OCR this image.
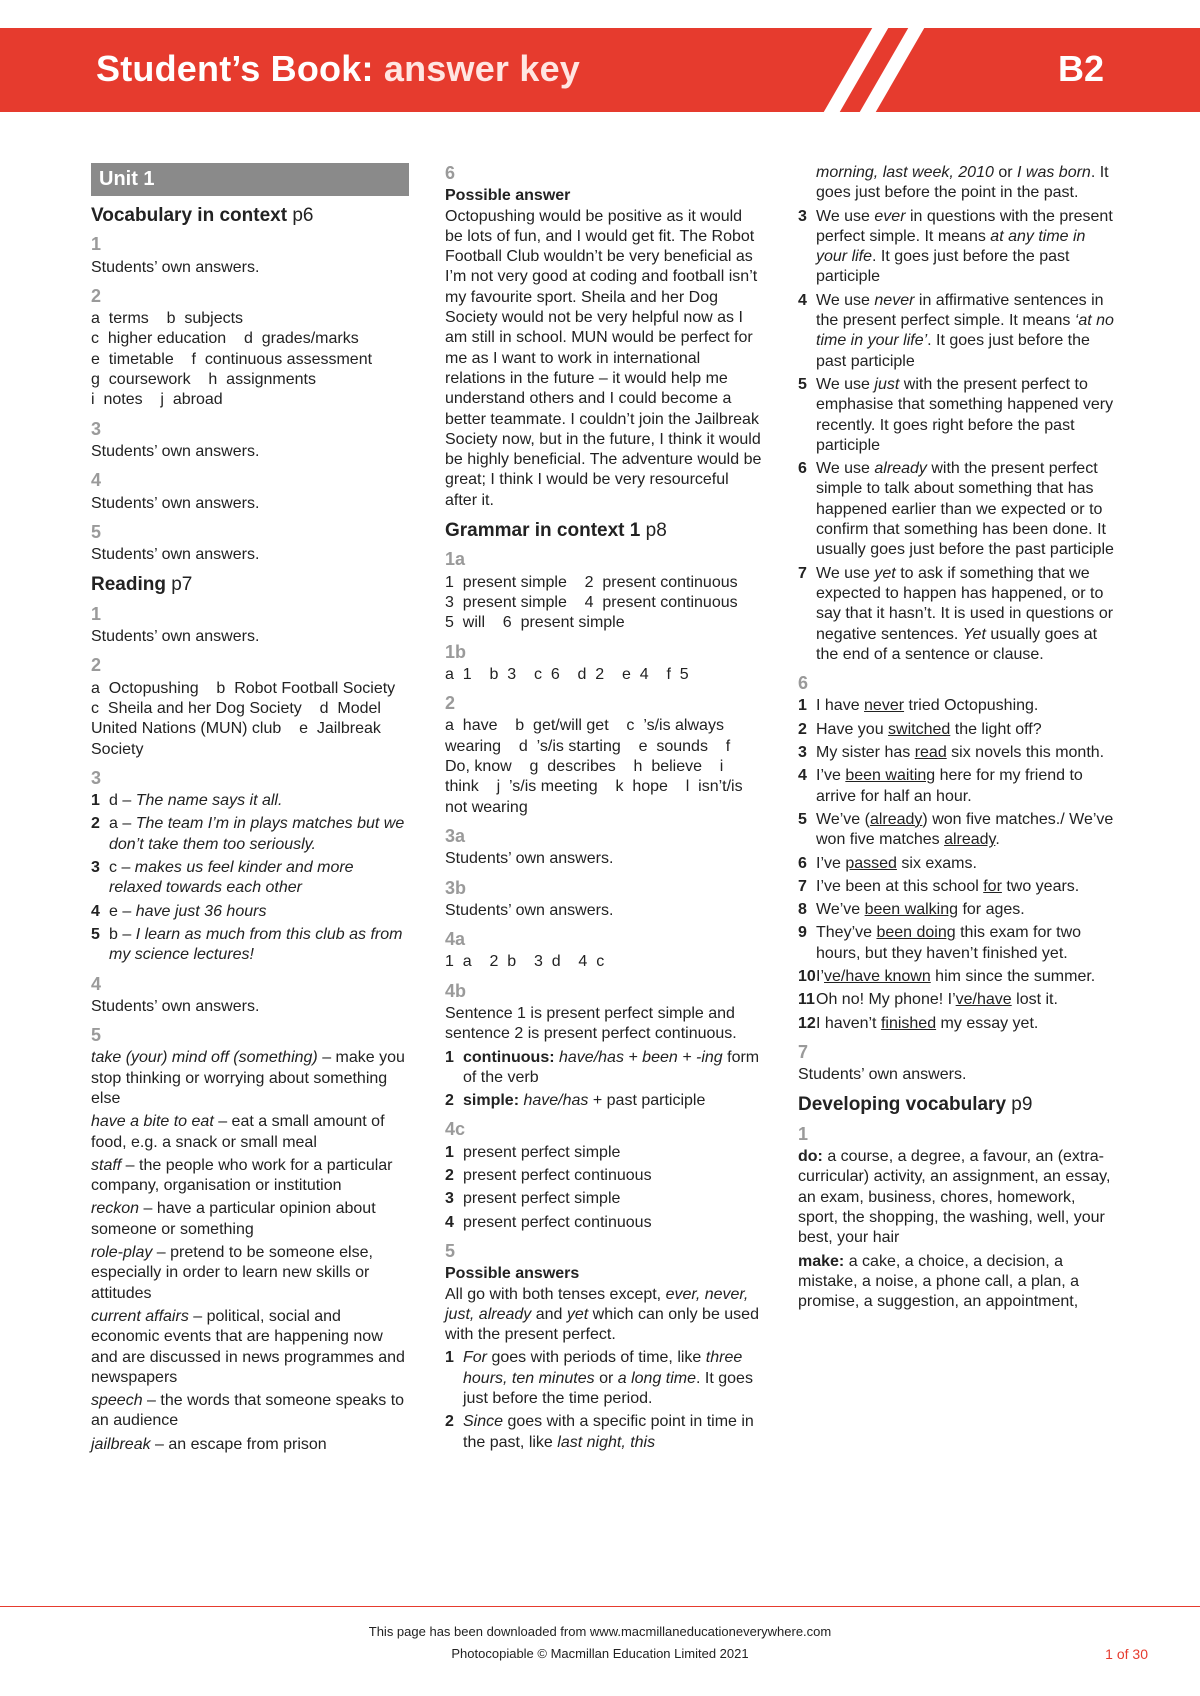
Student’s Book: answer key	B2
Unit 1
Vocabulary in context p6
1

Students’ own answers.

2

a  terms    b  subjects

c  higher education    d  grades/marks

e  timetable    f  continuous assessment

g  coursework    h  assignments

i  notes    j  abroad

3

Students’ own answers.

4

Students’ own answers.

5

Students’ own answers.

Reading p7
1

Students’ own answers.

2

a  Octopushing    b  Robot Football Society    c  Sheila and her Dog Society    d  Model United Nations (MUN) club    e  Jailbreak Society

3
1 d – The name says it all.
2 a – The team I’m in plays matches but we don’t take them too seriously.
3 c – makes us feel kinder and more relaxed towards each other
4 e – have just 36 hours
5 b – I learn as much from this club as from my science lectures!
4

Students’ own answers.

5

take (your) mind off (something) – make you stop thinking or worrying about something else

have a bite to eat – eat a small amount of food, e.g. a snack or small meal

staff – the people who work for a particular company, organisation or institution

reckon – have a particular opinion about someone or something

role-play – pretend to be someone else, especially in order to learn new skills or attitudes

current affairs – political, social and economic events that are happening now and are discussed in news programmes and newspapers

speech – the words that someone speaks to an audience

jailbreak – an escape from prison

6
Possible answer

Octopushing would be positive as it would be lots of fun, and I would get fit. The Robot Football Club wouldn’t be very beneficial as I’m not very good at coding and football isn’t my favourite sport. Sheila and her Dog Society would not be very helpful now as I am still in school. MUN would be perfect for me as I want to work in international relations in the future – it would help me understand others and I could become a better teammate. I couldn’t join the Jailbreak Society now, but in the future, I think it would be highly beneficial. The adventure would be great; I think I would be very resourceful after it.

Grammar in context 1 p8
1a

1  present simple    2  present continuous    3  present simple    4  present continuous    5  will    6  present simple

1b

a  1    b  3    c  6    d  2    e  4    f  5

2

a  have    b  get/will get    c  ’s/is always wearing    d  ’s/is starting    e  sounds    f  Do, know    g  describes    h  believe    i  think    j  ’s/is meeting    k  hope    l  isn’t/is not wearing

3a

Students’ own answers.

3b

Students’ own answers.

4a

1  a    2  b    3  d    4  c

4b

Sentence 1 is present perfect simple and sentence 2 is present perfect continuous.

1 continuous: have/has + been + -ing form of the verb
2 simple: have/has + past participle
4c
1 present perfect simple
2 present perfect continuous
3 present perfect simple
4 present perfect continuous
5
Possible answers

All go with both tenses except, ever, never, just, already and yet which can only be used with the present perfect.

1 For goes with periods of time, like three hours, ten minutes or a long time. It goes just before the time period.
2 Since goes with a specific point in time in the past, like last night, this
morning, last week, 2010 or I was born. It goes just before the point in the past.
3 We use ever in questions with the present perfect simple. It means at any time in your life. It goes just before the past participle
4 We use never in affirmative sentences in the present perfect simple. It means ‘at no time in your life’. It goes just before the past participle
5 We use just with the present perfect to emphasise that something happened very recently. It goes right before the past participle
6 We use already with the present perfect simple to talk about something that has happened earlier than we expected or to confirm that something has been done. It usually goes just before the past participle
7 We use yet to ask if something that we expected to happen has happened, or to say that it hasn’t. It is used in questions or negative sentences. Yet usually goes at the end of a sentence or clause.
6
1 I have never tried Octopushing.
2 Have you switched the light off?
3 My sister has read six novels this month.
4 I’ve been waiting here for my friend to arrive for half an hour.
5 We’ve (already) won five matches./ We’ve won five matches already.
6 I’ve passed six exams.
7 I’ve been at this school for two years.
8 We’ve been walking for ages.
9 They’ve been doing this exam for two hours, but they haven’t finished yet.
10 I’ve/have known him since the summer.
11 Oh no! My phone! I’ve/have lost it.
12 I haven’t finished my essay yet.
7

Students’ own answers.

Developing vocabulary p9
1

do: a course, a degree, a favour, an (extra-curricular) activity, an assignment, an essay, an exam, business, chores, homework, sport, the shopping, the washing, well, your best, your hair

make: a cake, a choice, a decision, a mistake, a noise, a phone call, a plan, a promise, a suggestion, an appointment,

This page has been downloaded from www.macmillaneducationeverywhere.com
Photocopiable © Macmillan Education Limited 2021	1 of 30
